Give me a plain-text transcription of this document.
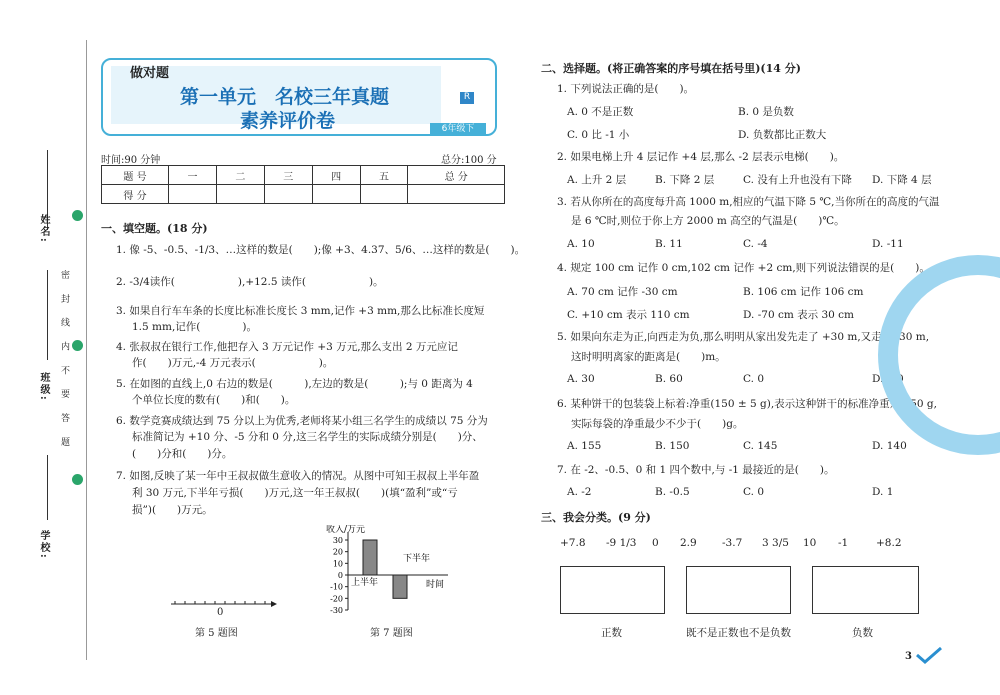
姓名:
班级:
学校:
密 封 线 内 不 要 答 题
做对题
第一单元　名校三年真题
素养评价卷
R
6年级下
时间:90 分钟	总分:100 分
题 号	一	二	三	四	五	总 分
得 分						
一、填空题。(18 分)
1. 像 -5、-0.5、-1/3、…这样的数是(　　);像 +3、4.37、5/6、…这样的数是(　　)。
2. -3/4读作(　　　　　　),+12.5 读作(　　　　　　)。
3. 如果自行车车条的长度比标准长度长 3 mm,记作 +3 mm,那么比标准长度短
1.5 mm,记作(　　　　)。
4. 张叔叔在银行工作,他把存入 3 万元记作 +3 万元,那么支出 2 万元应记
作(　　)万元,-4 万元表示(　　　　　　)。
5. 在如图的直线上,0 右边的数是(　　　),左边的数是(　　　);与 0 距离为 4
个单位长度的数有(　　)和(　　)。
6. 数学竞赛成绩达到 75 分以上为优秀,老师将某小组三名学生的成绩以 75 分为
标准简记为 +10 分、-5 分和 0 分,这三名学生的实际成绩分别是(　　)分、
(　　)分和(　　)分。
7. 如图,反映了某一年中王叔叔做生意收入的情况。从图中可知王叔叔上半年盈
利 30 万元,下半年亏损(　　)万元,这一年王叔叔(　　)(填“盈利”或“亏
损”)(　　)万元。
0
第 5 题图
收入/万元
时间
30
20
10
0
-10
-20
-30
上半年
下半年
第 7 题图
二、选择题。(将正确答案的序号填在括号里)(14 分)
1. 下列说法正确的是(　　)。
A. 0 不是正数	B. 0 是负数
C. 0 比 -1 小	D. 负数都比正数大
2. 如果电梯上升 4 层记作 +4 层,那么 -2 层表示电梯(　　)。
A. 上升 2 层	B. 下降 2 层	C. 没有上升也没有下降 D. 下降 4 层
3. 若从你所在的高度每升高 1000 m,相应的气温下降 5 ℃,当你所在的高度的气温
是 6 ℃时,则位于你上方 2000 m 高空的气温是(　　)℃。
A. 10	B. 11	C. -4	D. -11
4. 规定 100 cm 记作 0 cm,102 cm 记作 +2 cm,则下列说法错误的是(　　)。
A. 70 cm 记作 -30 cm	B. 106 cm 记作 106 cm
C. +10 cm 表示 110 cm	D. -70 cm 表示 30 cm
5. 如果向东走为正,向西走为负,那么明明从家出发先走了 +30 m,又走了 -30 m,
这时明明离家的距离是(　　)m。
A. 30	B. 60	C. 0	D. -30
6. 某种饼干的包装袋上标着:净重(150 ± 5 g),表示这种饼干的标准净重是 150 g,
实际每袋的净重最少不少于(　　)g。
A. 155	B. 150	C. 145	D. 140
7. 在 -2、-0.5、0 和 1 四个数中,与 -1 最接近的是(　　)。
A. -2	B. -0.5	C. 0	D. 1
三、我会分类。(9 分)
+7.8 -9 1/3 0 2.9 -3.7 3 3/5 10 -1	+8.2
正数	既不是正数也不是负数	负数
3
